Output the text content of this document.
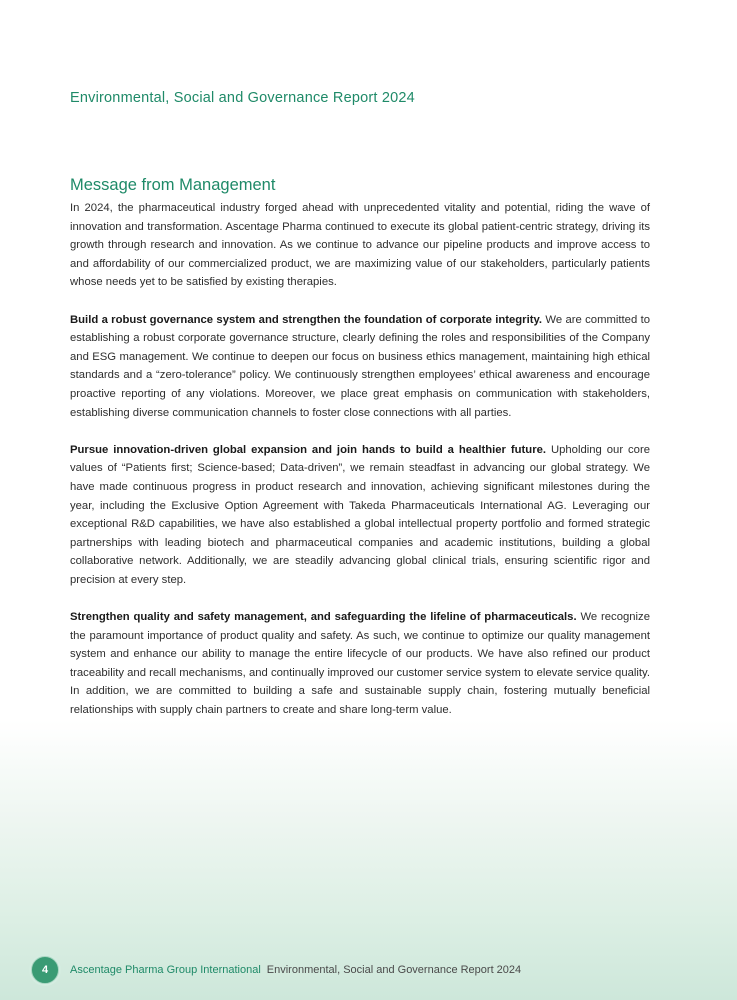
Environmental, Social and Governance Report 2024
Message from Management

In 2024, the pharmaceutical industry forged ahead with unprecedented vitality and potential, riding the wave of innovation and transformation. Ascentage Pharma continued to execute its global patient-centric strategy, driving its growth through research and innovation. As we continue to advance our pipeline products and improve access to and affordability of our commercialized product, we are maximizing value of our stakeholders, particularly patients whose needs yet to be satisfied by existing therapies.

Build a robust governance system and strengthen the foundation of corporate integrity. We are committed to establishing a robust corporate governance structure, clearly defining the roles and responsibilities of the Company and ESG management. We continue to deepen our focus on business ethics management, maintaining high ethical standards and a “zero-tolerance” policy. We continuously strengthen employees’ ethical awareness and encourage proactive reporting of any violations. Moreover, we place great emphasis on communication with stakeholders, establishing diverse communication channels to foster close connections with all parties.

Pursue innovation-driven global expansion and join hands to build a healthier future. Upholding our core values of “Patients first; Science-based; Data-driven”, we remain steadfast in advancing our global strategy. We have made continuous progress in product research and innovation, achieving significant milestones during the year, including the Exclusive Option Agreement with Takeda Pharmaceuticals International AG. Leveraging our exceptional R&D capabilities, we have also established a global intellectual property portfolio and formed strategic partnerships with leading biotech and pharmaceutical companies and academic institutions, building a global collaborative network. Additionally, we are steadily advancing global clinical trials, ensuring scientific rigor and precision at every step.

Strengthen quality and safety management, and safeguarding the lifeline of pharmaceuticals. We recognize the paramount importance of product quality and safety. As such, we continue to optimize our quality management system and enhance our ability to manage the entire lifecycle of our products. We have also refined our product traceability and recall mechanisms, and continually improved our customer service system to elevate service quality. In addition, we are committed to building a safe and sustainable supply chain, fostering mutually beneficial relationships with supply chain partners to create and share long-term value.

4	Ascentage Pharma Group International Environmental, Social and Governance Report 2024
